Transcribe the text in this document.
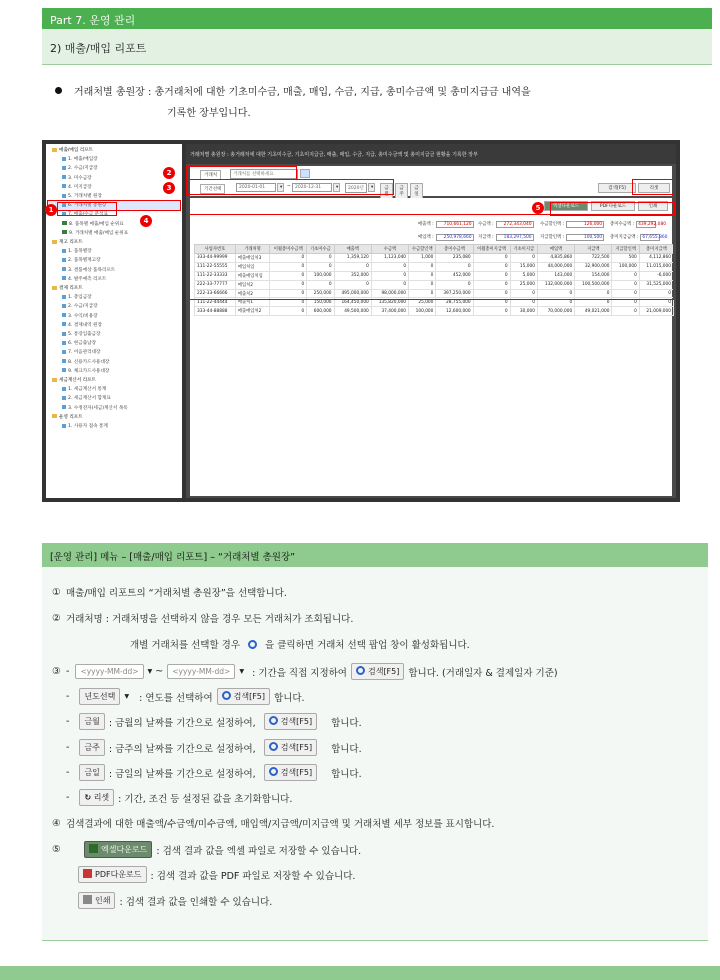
Part 7. 운영 관리
2) 매출/매입 리포트
거래처별 총원장 : 총거래처에 대한 기초미수금, 매출, 매입, 수금, 지급, 총미수금액 및 총미지급금 내역을
기록한 장부입니다.
매출/매입 리포트
1. 매출/매입장
2. 수금/지급장
3. 미수금장
4. 미지급장
5. 거래처별 원장
6. 거래처별 총원장
7. 매출/수금 분석표
8. 품목별 매출/매입 순위표
9. 거래처별 매출/매입 순위표
재고 리포트
1. 품목별장
2. 품목별재고장
3. 결품예상 품목리포트
4. 발주예측 리포트
결제 리포트
1. 총입금장
2. 수금/지급장
3. 수익/비용장
4. 결제내역 원장
5. 통장입출금장
6. 현금출납장
7. 어음관리대장
8. 신용카드사용대장
9. 체크카드사용대장
세금계산서 리포트
1. 세금계산서 통계
2. 세금계산서 합계표
3. 수정전자(세금)계산서 목록
운영 리포트
1. 사용자 접속 통계
거래처별 총원장 : 총거래처에 대한 기초미수금, 기초미지급금, 매출, 매입, 수금, 지급, 총미수금액 및 총미지급금 현황을 기록한 장부
거래처	거래처를 선택하세요
기간선택	2020-01-01	▾	~ 2020-12-31	▾	2020년	▾	금월
금주
금일
리셋
검색[F5]
엑셀다운로드	PDF다운로드	인쇄
매출액 : 710,661,120	수금액 : 272,343,040	수금할인액 :	126,000	총미수금액 : 439,292,080
매입액 : 250,978,660	지급액 : 183,297,500	지급할인액 :	100,500	총미지급금액 : 67,655,860
사업자번호	거래처명	이월총미수금액	기초미수금	매출액	수금액	수금할인액	총미수금액	이월총미지급액	기초미지급	매입액	지급액	지급할인액	총미지급액
333-44-99999	매출매입처3	0	0	1,359,120	1,123,040	1,000	235,080	0	0	4,835,860	722,500	500	4,112,860
111-22-55555	매입처입	0	0	0	0	0	0	0	15,000	44,000,000	32,900,000	100,000	11,015,000
111-22-33333	매출매입처입	0	100,000	352,000	0	0	452,000	0	5,000	143,000	154,000	0	-6,000
222-33-77777	매입처2	0	0	0	0	0	0	0	25,000	132,000,000	100,500,000	0	31,525,000
222-33-66666	매출처2	0	250,000	495,000,000	98,000,000	0	397,250,000	0	0	0	0	0	0
111-22-44444	매출처1	0	150,000	164,450,000	135,820,000	25,000	28,755,000	0	0	0	0	0	0
333-44-88888	매출매입처2	0	600,000	49,500,000	37,400,000	100,000	12,600,000	0	30,000	70,000,000	49,021,000	0	21,009,000

1
2
3
4
5
[운영 관리] 메뉴 – [매출/매입 리포트] – “거래처별 총원장”
① 매출/매입 리포트의 “거래처별 총원장”을 선택합니다.
② 거래처명 : 거래처명을 선택하지 않을 경우 모든 거래처가 조회됩니다.
개별 거래처를 선택할 경우	을 클릭하면 거래처 선택 팝업 창이 활성화됩니다.
③ -	<yyyy-MM-dd> ▾ ~	<yyyy-MM-dd> ▾ : 기간을 직접 지정하여	검색[F5] 합니다. (거래일자 & 결제일자 기준)
-	년도선택 ▾ : 연도를 선택하여	검색[F5] 합니다.
-	금월 : 금월의 날짜를 기간으로 설정하여,	검색[F5]	합니다.
-	금주 : 금주의 날짜를 기간으로 설정하여,	검색[F5]	합니다.
-	금일 : 금일의 날짜를 기간으로 설정하여,	검색[F5]	합니다.
-	↻ 리셋 : 기간, 조건 등 설정된 값을 초기화합니다.
④ 검색결과에 대한 매출액/수금액/미수금액, 매입액/지급액/미지급액 및 거래처별 세부 정보를 표시합니다.
⑤	엑셀다운로드 : 검색 결과 값을 엑셀 파일로 저장할 수 있습니다.
PDF다운로드 : 검색 결과 값을 PDF 파일로 저장할 수 있습니다.
인쇄 : 검색 결과 값을 인쇄할 수 있습니다.
